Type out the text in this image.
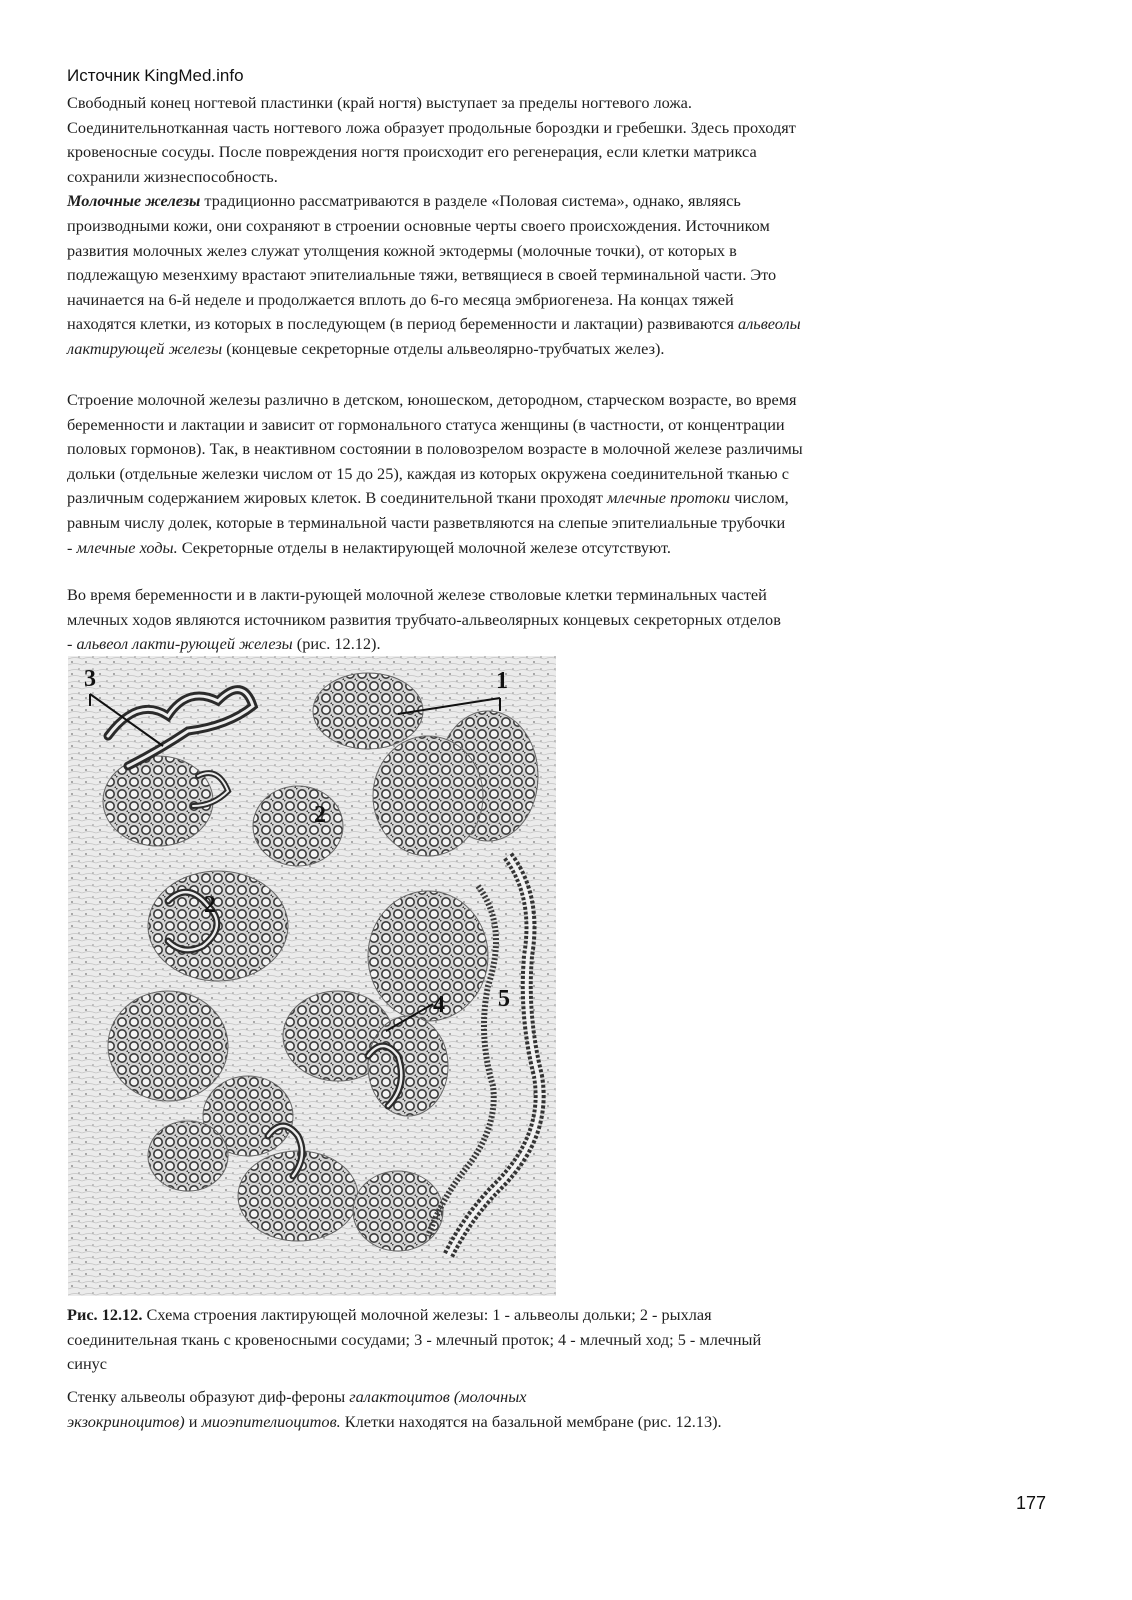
Источник KingMed.info
Свободный конец ногтевой пластинки (край ногтя) выступает за пределы ногтевого ложа.
Соединительнотканная часть ногтевого ложа образует продольные бороздки и гребешки. Здесь проходят
кровеносные сосуды. После повреждения ногтя происходит его регенерация, если клетки матрикса
сохранили жизнеспособность.
Молочные железы традиционно рассматриваются в разделе «Половая система», однако, являясь
производными кожи, они сохраняют в строении основные черты своего происхождения. Источником
развития молочных желез служат утолщения кожной эктодермы (молочные точки), от которых в
подлежащую мезенхиму врастают эпителиальные тяжи, ветвящиеся в своей терминальной части. Это
начинается на 6-й неделе и продолжается вплоть до 6-го месяца эмбриогенеза. На концах тяжей
находятся клетки, из которых в последующем (в период беременности и лактации) развиваются альвеолы
лактирующей железы (концевые секреторные отделы альвеолярно-трубчатых желез).
Строение молочной железы различно в детском, юношеском, детородном, старческом возрасте, во время
беременности и лактации и зависит от гормонального статуса женщины (в частности, от концентрации
половых гормонов). Так, в неактивном состоянии в половозрелом возрасте в молочной железе различимы
дольки (отдельные железки числом от 15 до 25), каждая из которых окружена соединительной тканью с
различным содержанием жировых клеток. В соединительной ткани проходят млечные протоки числом,
равным числу долек, которые в терминальной части разветвляются на слепые эпителиальные трубочки
- млечные ходы. Секреторные отделы в нелактирующей молочной железе отсутствуют.
Во время беременности и в лакти-рующей молочной железе стволовые клетки терминальных частей
млечных ходов являются источником развития трубчато-альвеолярных концевых секреторных отделов
- альвеол лакти-рующей железы (рис. 12.12).
1
2
2
3
4 5
Рис. 12.12. Схема строения лактирующей молочной железы: 1 - альвеолы дольки; 2 - рыхлая
соединительная ткань с кровеносными сосудами; 3 - млечный проток; 4 - млечный ход; 5 - млечный
синус
Стенку альвеолы образуют диф-фероны галактоцитов (молочных
экзокриноцитов) и миоэпителиоцитов. Клетки находятся на базальной мембране (рис. 12.13).
177
